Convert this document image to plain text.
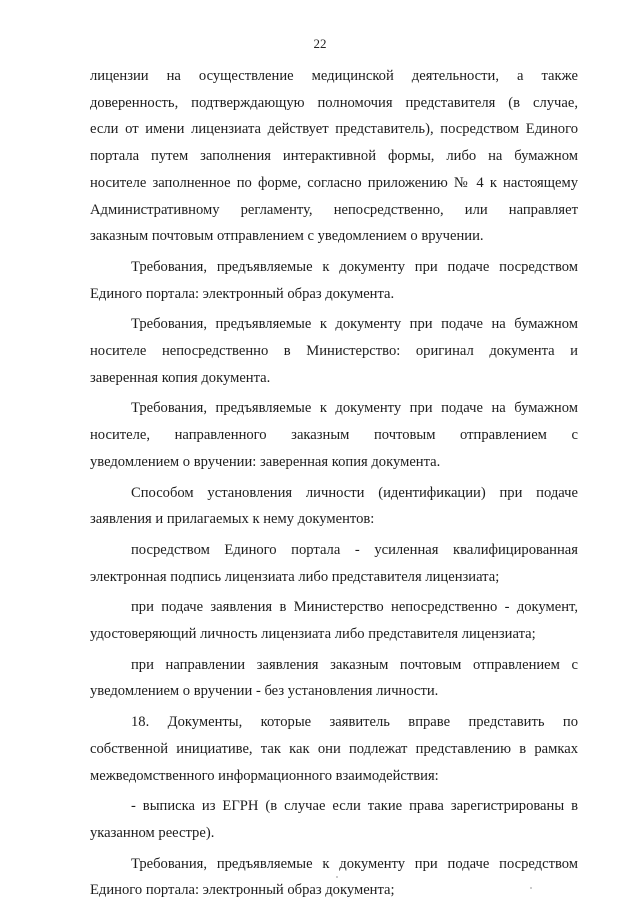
22

лицензии на осуществление медицинской деятельности, а также
доверенность, подтверждающую полномочия представителя (в случае,
если от имени лицензиата действует представитель), посредством Единого
портала путем заполнения интерактивной формы, либо на бумажном
носителе заполненное по форме, согласно приложению № 4 к настоящему
Административному регламенту, непосредственно, или направляет
заказным почтовым отправлением с уведомлением о вручении.

Требования, предъявляемые к документу при подаче посредством
Единого портала: электронный образ документа.

Требования, предъявляемые к документу при подаче на бумажном
носителе непосредственно в Министерство: оригинал документа и
заверенная копия документа.

Требования, предъявляемые к документу при подаче на бумажном
носителе, направленного заказным почтовым отправлением с
уведомлением о вручении: заверенная копия документа.

Способом установления личности (идентификации) при подаче
заявления и прилагаемых к нему документов:

посредством Единого портала - усиленная квалифицированная
электронная подпись лицензиата либо представителя лицензиата;

при подаче заявления в Министерство непосредственно - документ,
удостоверяющий личность лицензиата либо представителя лицензиата;

при направлении заявления заказным почтовым отправлением с
уведомлением о вручении - без установления личности.

18. Документы, которые заявитель вправе представить по
собственной инициативе, так как они подлежат представлению в рамках
межведомственного информационного взаимодействия:

- выписка из ЕГРН (в случае если такие права зарегистрированы в
указанном реестре).

Требования, предъявляемые к документу при подаче посредством
Единого портала: электронный образ документа;
